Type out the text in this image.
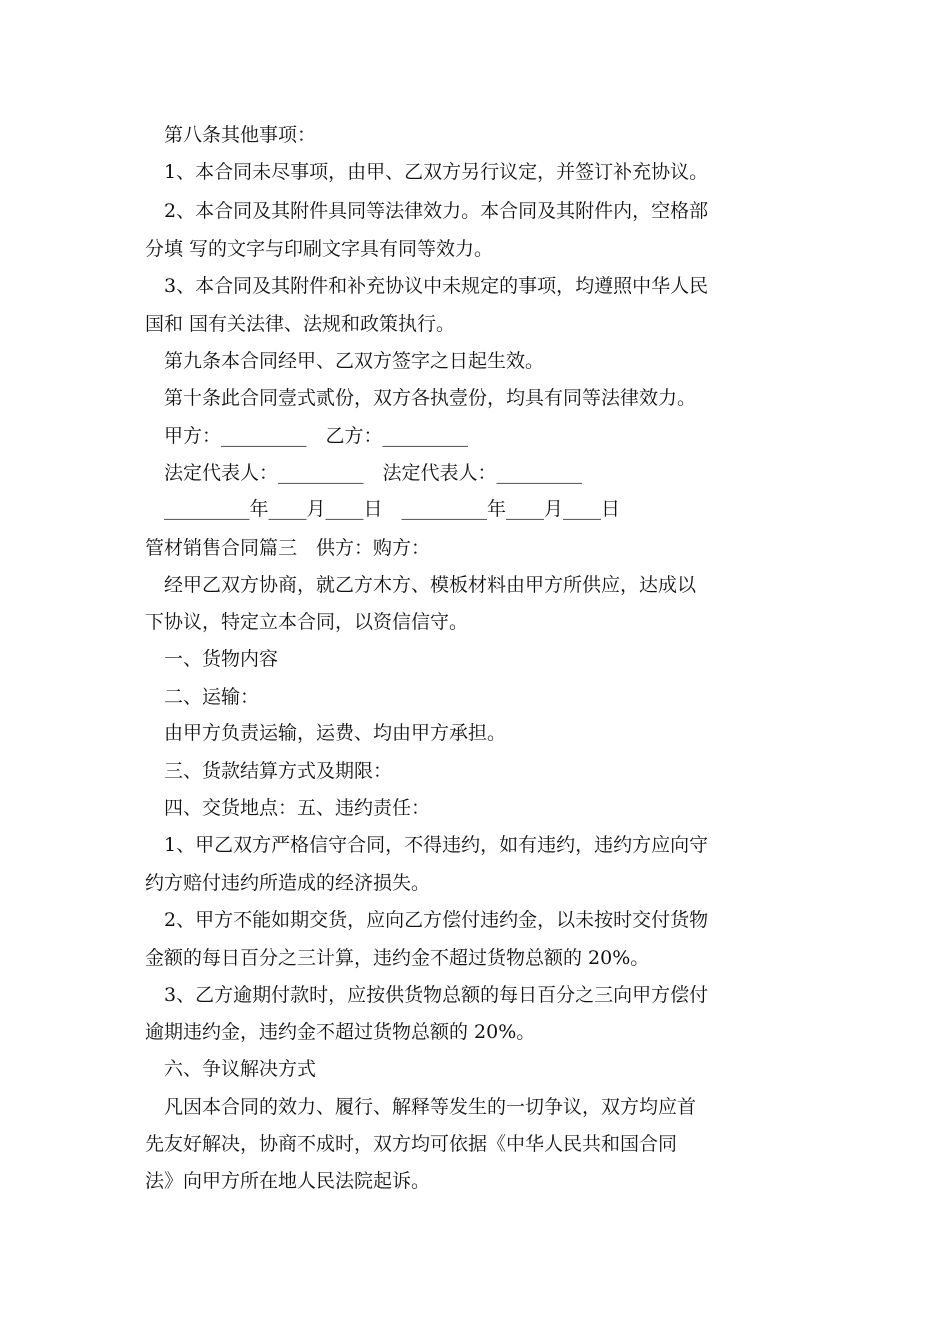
第八条其他事项：
1、本合同未尽事项，由甲、乙双方另行议定，并签订补充协议。
2、本合同及其附件具同等法律效力。本合同及其附件内，空格部
分填 写的文字与印刷文字具有同等效力。
3、本合同及其附件和补充协议中未规定的事项，均遵照中华人民
国和 国有关法律、法规和政策执行。
第九条本合同经甲、乙双方签字之日起生效。
第十条此合同壹式贰份，双方各执壹份，均具有同等法律效力。
甲方：_________　乙方：_________
法定代表人：_________　法定代表人：_________
_________年____月____日　_________年____月____日
管材销售合同篇三　供方：购方：
经甲乙双方协商，就乙方木方、模板材料由甲方所供应，达成以
下协议，特定立本合同，以资信信守。
一、货物内容
二、运输：
由甲方负责运输，运费、均由甲方承担。
三、货款结算方式及期限：
四、交货地点：五、违约责任：
1、甲乙双方严格信守合同，不得违约，如有违约，违约方应向守
约方赔付违约所造成的经济损失。
2、甲方不能如期交货，应向乙方偿付违约金，以未按时交付货物
金额的每日百分之三计算，违约金不超过货物总额的 20%。
3、乙方逾期付款时，应按供货物总额的每日百分之三向甲方偿付
逾期违约金，违约金不超过货物总额的 20%。
六、争议解决方式
凡因本合同的效力、履行、解释等发生的一切争议，双方均应首
先友好解决，协商不成时，双方均可依据《中华人民共和国合同
法》向甲方所在地人民法院起诉。
